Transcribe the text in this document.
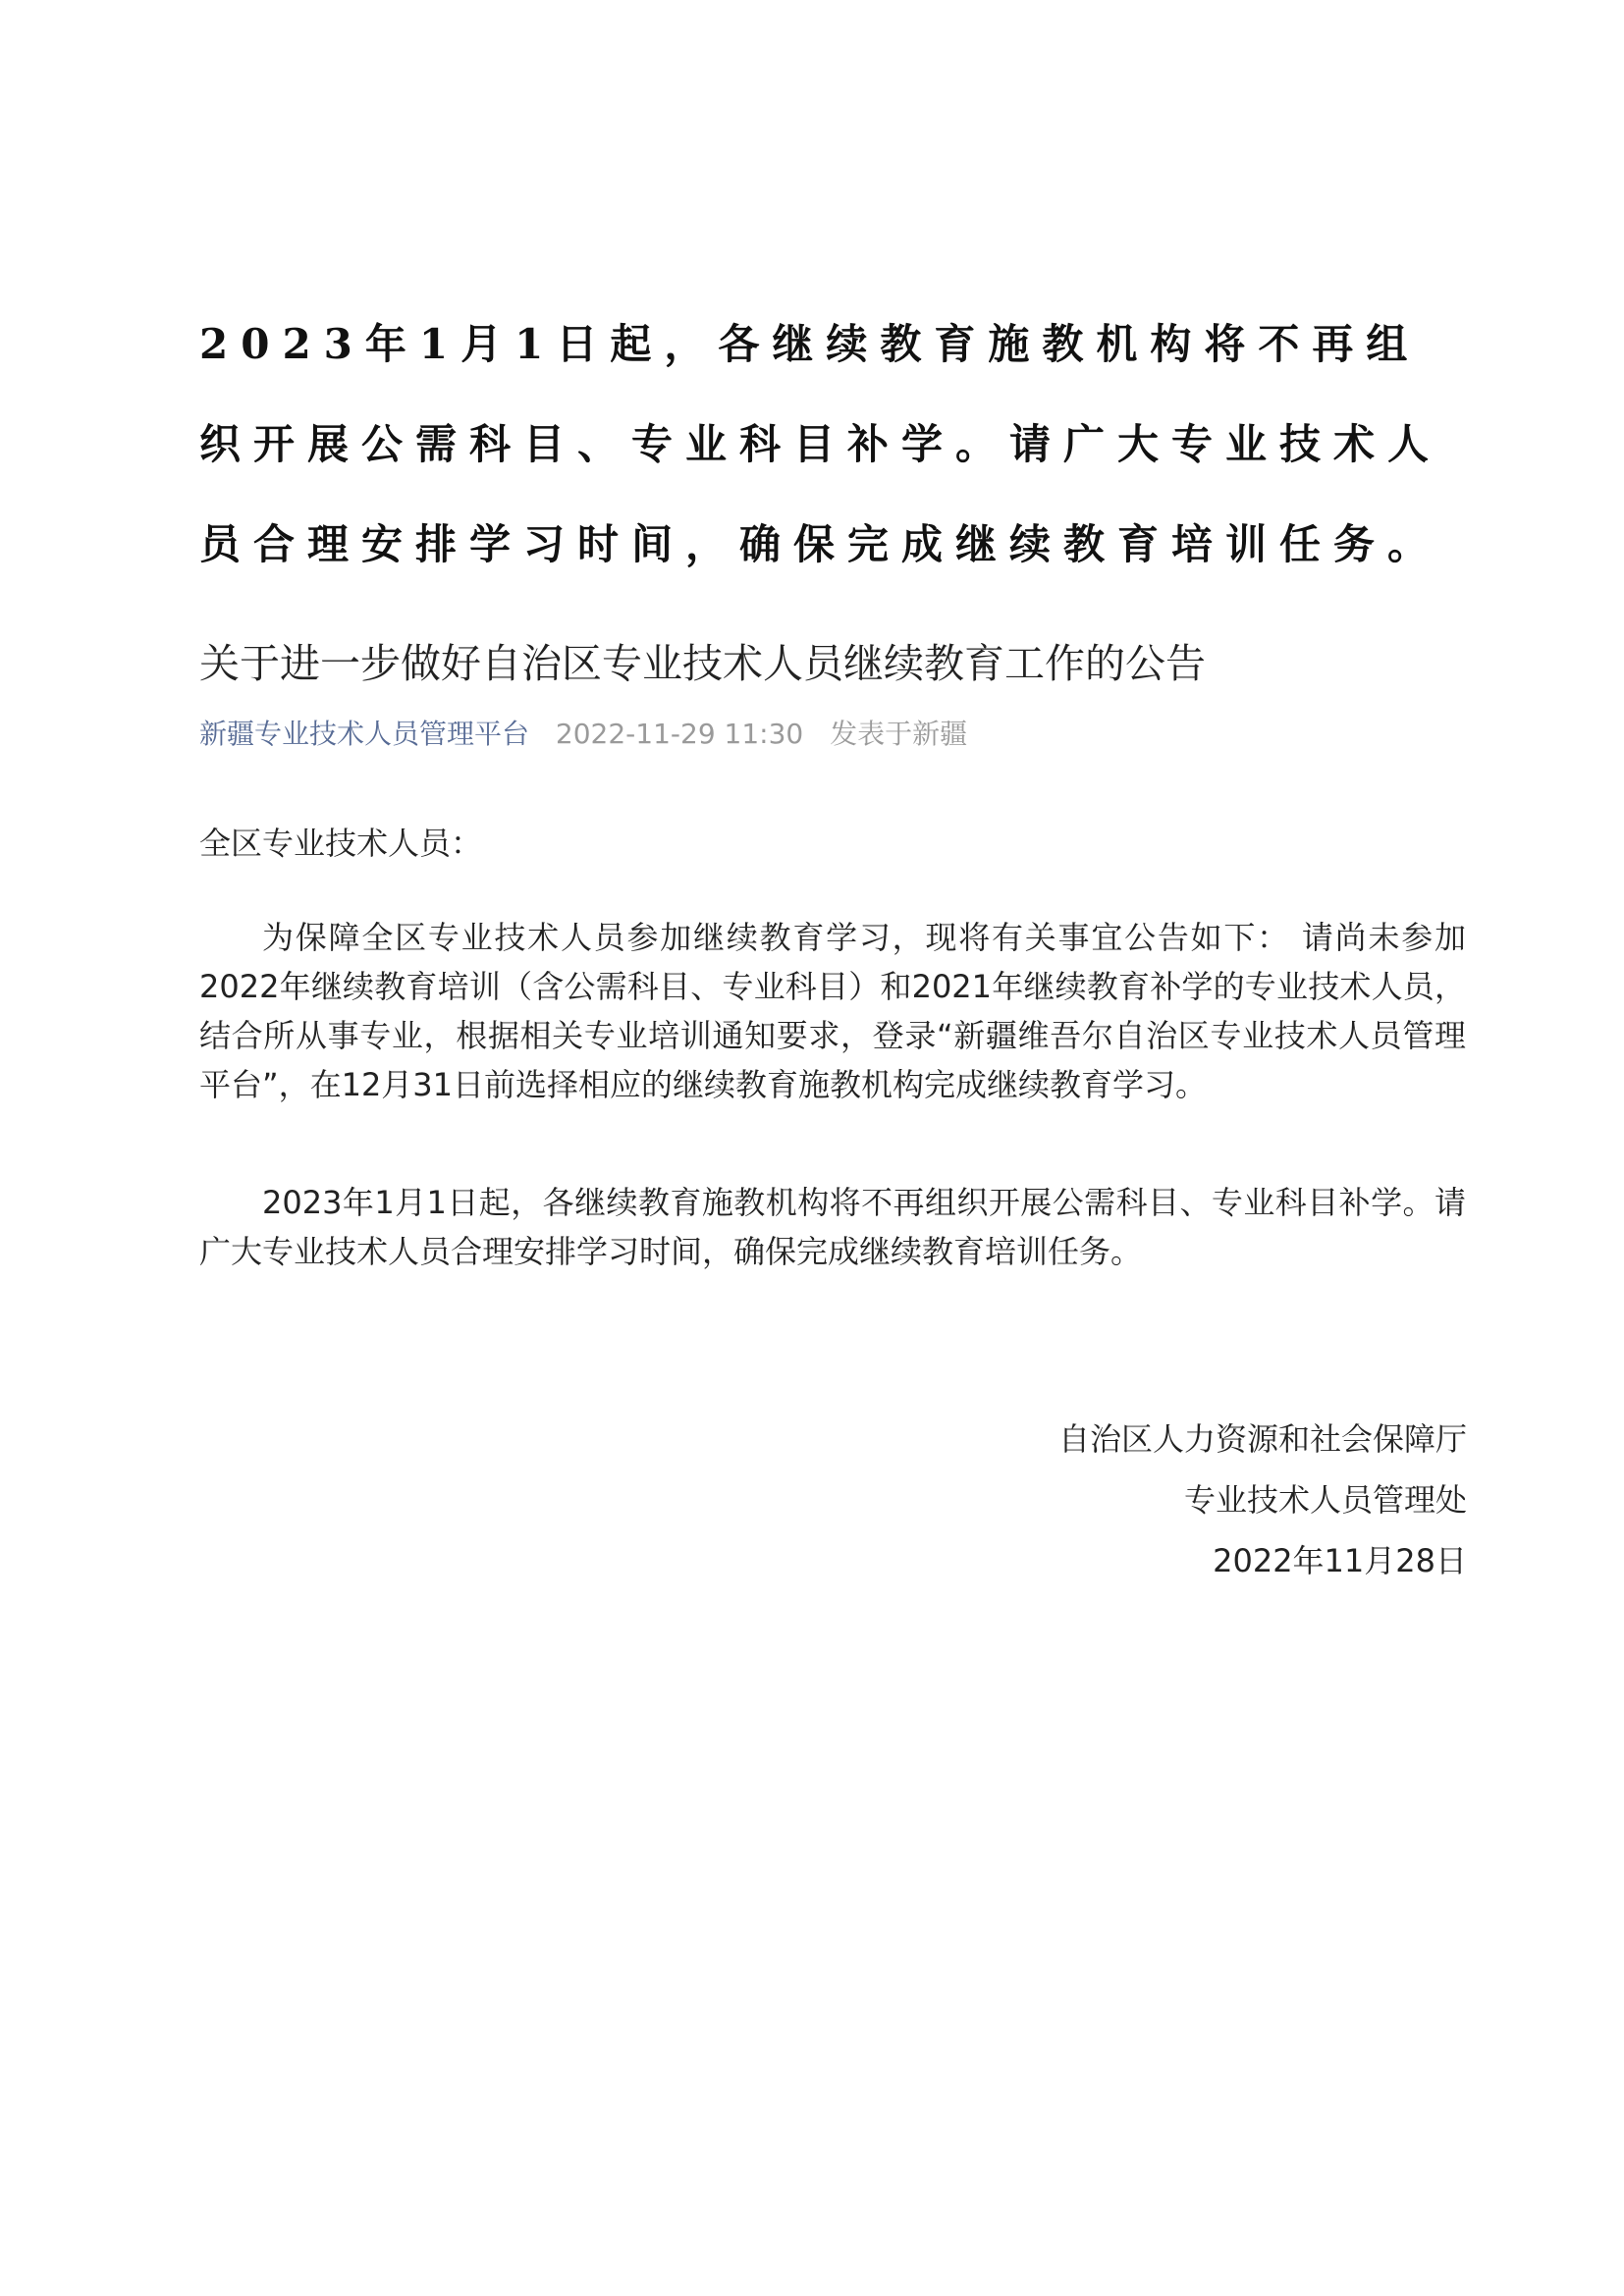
2023年1月1日起，各继续教育施教机构将不再组织开展公需科目、专业科目补学。请广大专业技术人员合理安排学习时间，确保完成继续教育培训任务。
关于进一步做好自治区专业技术人员继续教育工作的公告
新疆专业技术人员管理平台 2022-11-29 11:30 发表于新疆
全区专业技术人员：

为保障全区专业技术人员参加继续教育学习，现将有关事宜公告如下： 请尚未参加2022年继续教育培训（含公需科目、专业科目）和2021年继续教育补学的专业技术人员，结合所从事专业，根据相关专业培训通知要求，登录“新疆维吾尔自治区专业技术人员管理平台”，在12月31日前选择相应的继续教育施教机构完成继续教育学习。

2023年1月1日起，各继续教育施教机构将不再组织开展公需科目、专业科目补学。请广大专业技术人员合理安排学习时间，确保完成继续教育培训任务。

自治区人力资源和社会保障厅
专业技术人员管理处
2022年11月28日
